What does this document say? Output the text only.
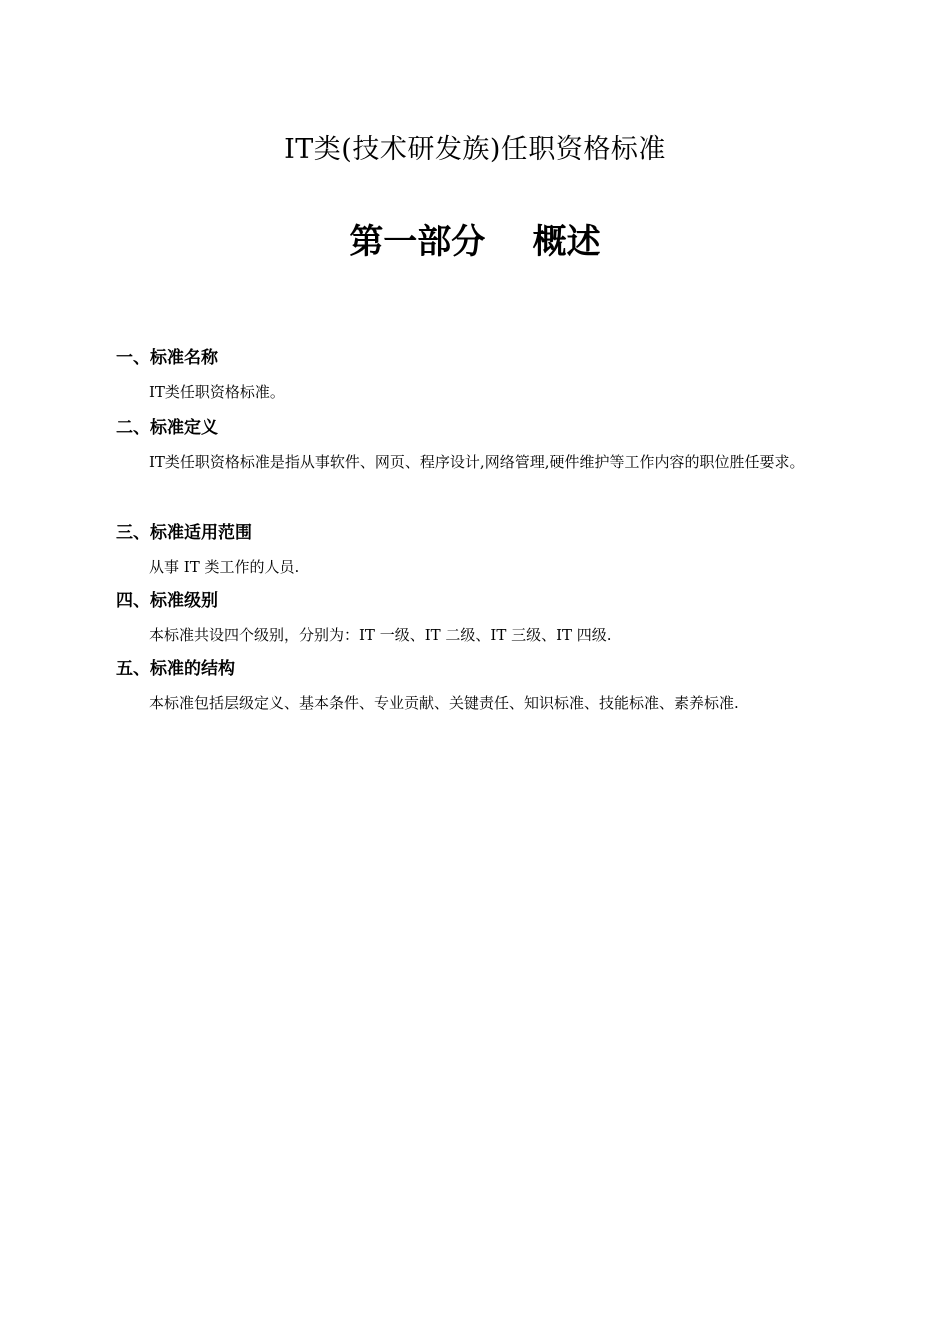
IT类(技术研发族)任职资格标准
第一部分    概述

一、标准名称

IT类任职资格标准。

二、标准定义

IT类任职资格标准是指从事软件、网页、程序设计,网络管理,硬件维护等工作内容的职位胜任要求。

三、标准适用范围

从事 IT 类工作的人员.

四、标准级别

本标准共设四个级别，分别为：IT 一级、IT 二级、IT 三级、IT 四级.

五、标准的结构

本标准包括层级定义、基本条件、专业贡献、关键责任、知识标准、技能标准、素养标准.
